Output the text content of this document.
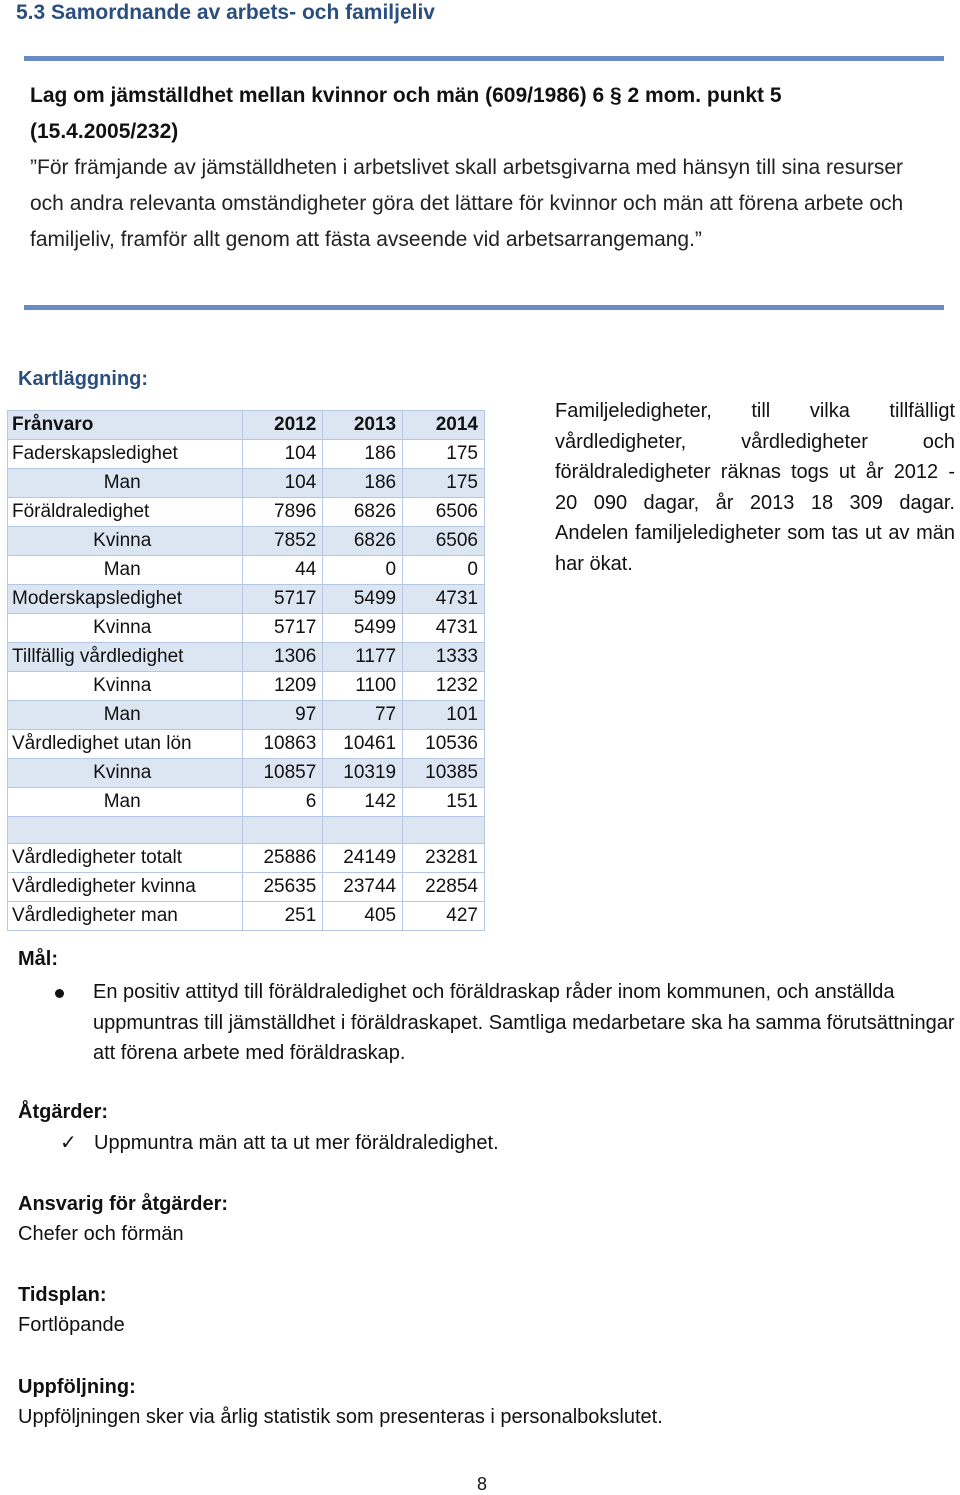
5.3 Samordnande av arbets- och familjeliv
Lag om jämställdhet mellan kvinnor och män (609/1986) 6 § 2 mom. punkt 5 (15.4.2005/232)
”För främjande av jämställdheten i arbetslivet skall arbetsgivarna med hänsyn till sina resurser och andra relevanta omständigheter göra det lättare för kvinnor och män att förena arbete och familjeliv, framför allt genom att fästa avseende vid arbetsarrangemang.”
Kartläggning:
Frånvaro	2012	2013	2014
Faderskapsledighet	104	186	175
Man	104	186	175
Föräldraledighet	7896	6826	6506
Kvinna	7852	6826	6506
Man	44	0	0
Moderskapsledighet	5717	5499	4731
Kvinna	5717	5499	4731
Tillfällig vårdledighet	1306	1177	1333
Kvinna	1209	1100	1232
Man	97	77	101
Vårdledighet utan lön	10863	10461	10536
Kvinna	10857	10319	10385
Man	6	142	151

Vårdledigheter totalt	25886	24149	23281
Vårdledigheter kvinna	25635	23744	22854
Vårdledigheter man	251	405	427
Familjeledigheter, till vilka tillfälligt vårdledigheter, vårdledigheter och föräldraledigheter räknas togs ut år 2012 - 20 090 dagar, år 2013 18 309 dagar. Andelen familjeledigheter som tas ut av män har ökat.
Mål:
En positiv attityd till föräldraledighet och föräldraskap råder inom kommunen, och anställda uppmuntras till jämställdhet i föräldraskapet. Samtliga medarbetare ska ha samma förutsättningar att förena arbete med föräldraskap.
Åtgärder:
✓ Uppmuntra män att ta ut mer föräldraledighet.
Ansvarig för åtgärder:
Chefer och förmän
Tidsplan:
Fortlöpande
Uppföljning:
Uppföljningen sker via årlig statistik som presenteras i personalbokslutet.
8
